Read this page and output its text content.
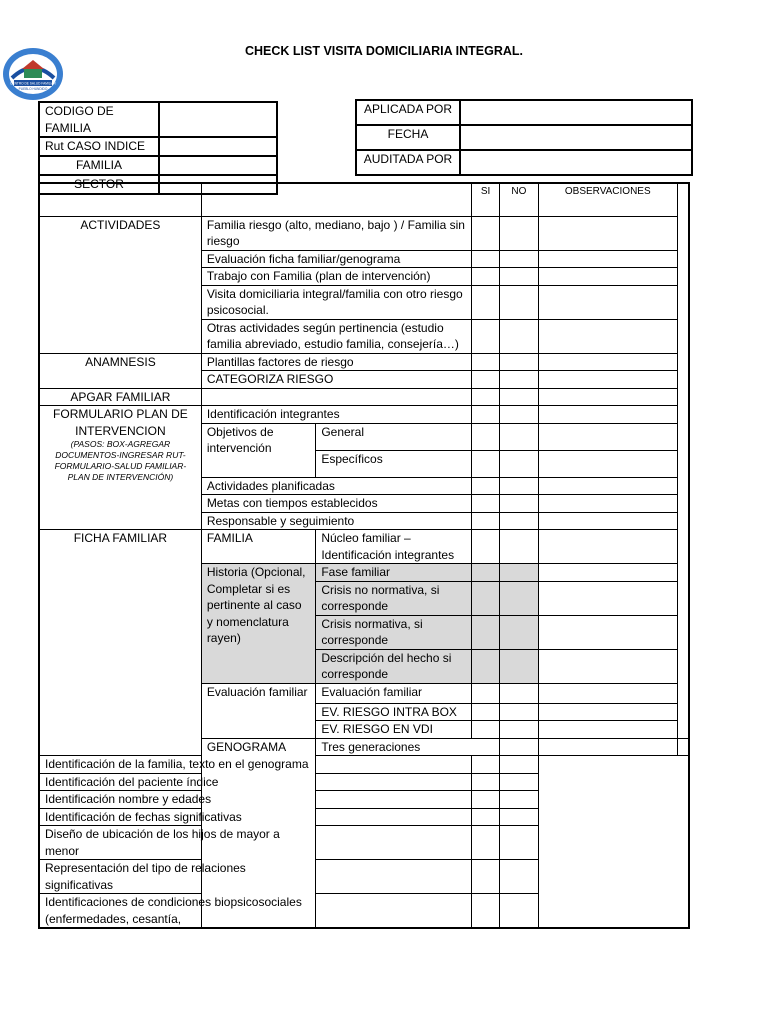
CENTRO DE SALUD FAMILIAR
PUEBLO HUNDIDO
CHECK LIST VISITA DOMICILIARIA INTEGRAL.
CODIGO DE FAMILIA	
Rut CASO INDICE	
FAMILIA	
SECTOR	
APLICADA POR	
FECHA	
AUDITADA POR	
			SI	NO	OBSERVACIONES	
ACTIVIDADES	Familia riesgo (alto, mediano, bajo ) / Familia sin riesgo					
	Evaluación ficha familiar/genograma					
	Trabajo con Familia (plan de intervención)					
	Visita domiciliaria integral/familia con otro riesgo psicosocial.					
	Otras actividades según pertinencia (estudio familia abreviado, estudio familia, consejería…)					
ANAMNESIS	Plantillas factores de riesgo					
	CATEGORIZA RIESGO					
APGAR FAMILIAR						
FORMULARIO PLAN DE INTERVENCION
(PASOS: BOX-AGREGAR DOCUMENTOS-INGRESAR RUT-FORMULARIO-SALUD FAMILIAR-PLAN DE INTERVENCIÓN)	Identificación integrantes					
	Objetivos de intervención	General				
		Específicos				
	Actividades planificadas					
	Metas con tiempos establecidos					
	Responsable y seguimiento					
FICHA FAMILIAR	FAMILIA	Núcleo familiar – Identificación integrantes				
	Historia (Opcional, Completar si es pertinente al caso y nomenclatura rayen)	Fase familiar				
		Crisis no normativa, si corresponde				
		Crisis normativa, si corresponde				
		Descripción del hecho si corresponde				
	Evaluación familiar	Evaluación familiar				
		EV. RIESGO INTRA BOX				
		EV. RIESGO EN VDI				
	GENOGRAMA	Tres generaciones				
Identificación de la familia, texto en el genograma						
Identificación del paciente índice						
Identificación nombre y edades						
Identificación de fechas significativas						
Diseño de ubicación de los hijos de mayor a menor						
Representación del tipo de relaciones significativas						
Identificaciones de condiciones biopsicosociales (enfermedades, cesantía,						
